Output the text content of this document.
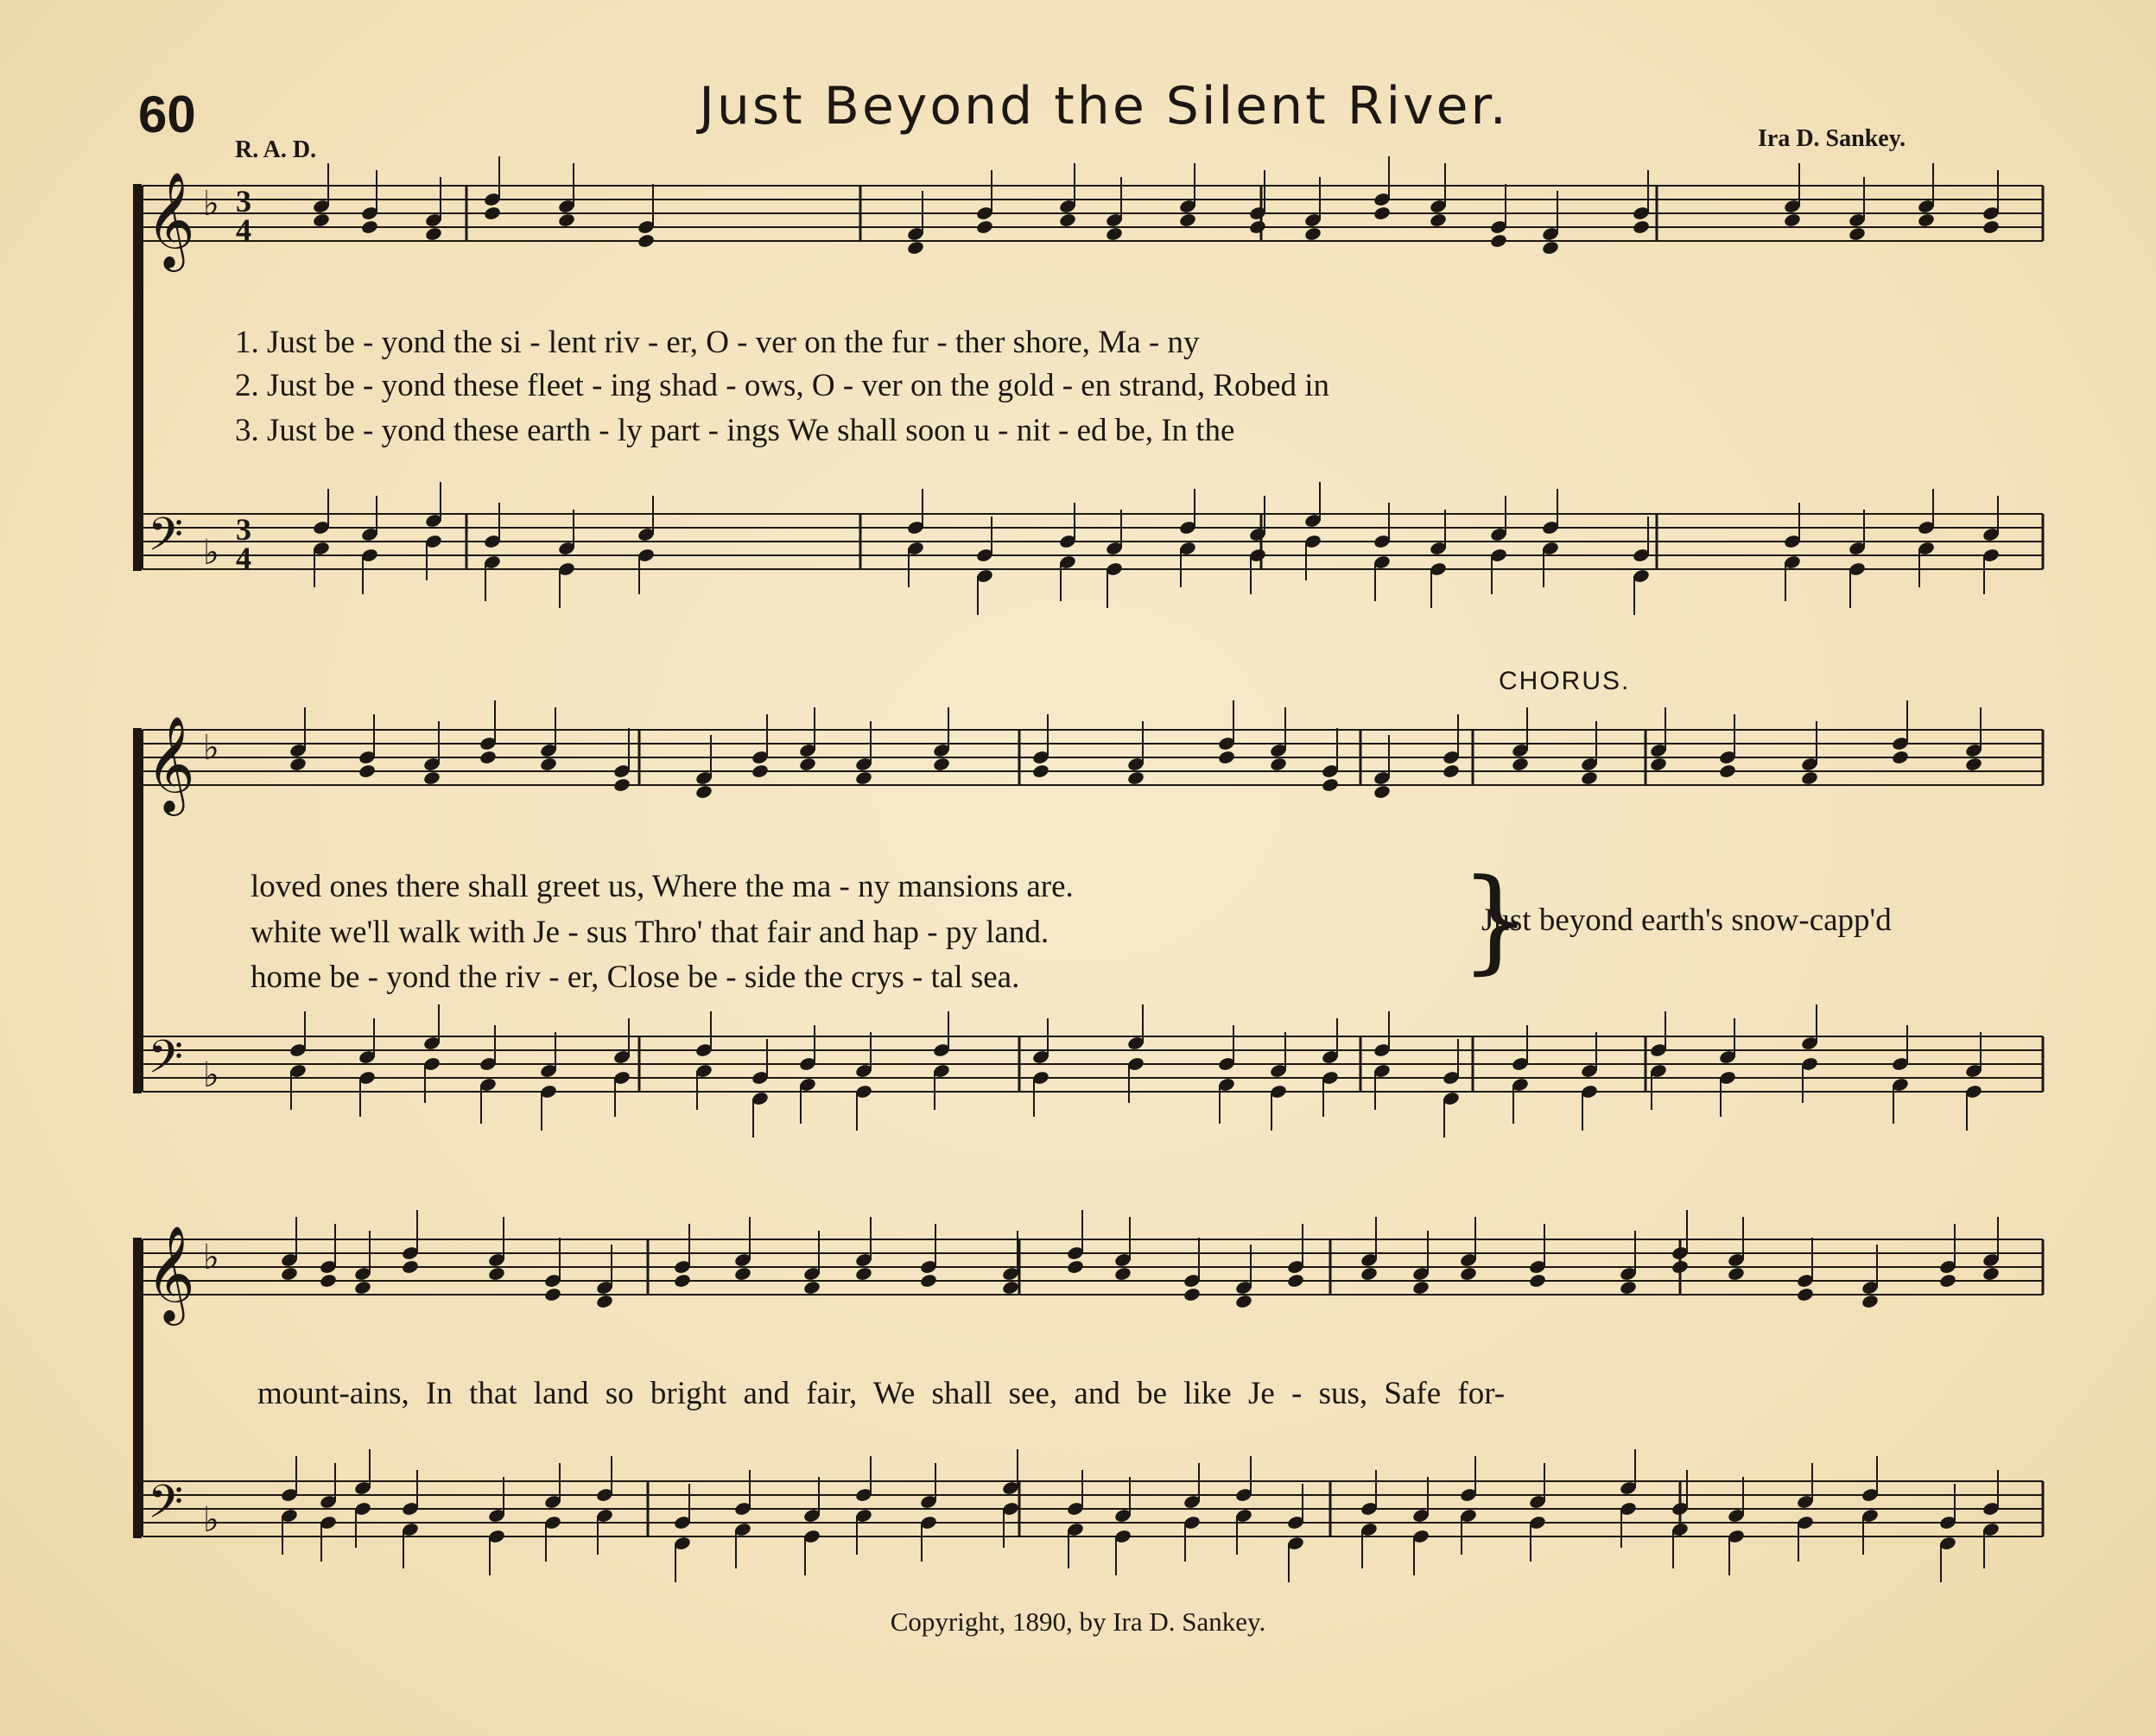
60	Just Beyond the Silent River.
R. A. D.	Ira D. Sankey.
𝄞
𝄢
♭
♭
3
4
3
4
𝄞
𝄢
♭
♭
𝄞
𝄢
♭
♭
}
1. Just be - yond the si - lent riv - er, O - ver on the fur - ther shore, Ma - ny
2. Just be - yond these fleet - ing shad - ows, O - ver on the gold - en strand, Robed in
3. Just be - yond these earth - ly part - ings We shall soon u - nit - ed be, In the
CHORUS.
loved ones there shall greet us, Where the ma - ny mansions are.
white we'll walk with Je - sus Thro' that fair and hap - py land.
home be - yond the riv - er, Close be - side the crys - tal sea.
Just beyond earth's snow-capp'd
mount-ains, In that land so bright and fair, We shall see, and be like Je - sus, Safe for-
Copyright, 1890, by Ira D. Sankey.
